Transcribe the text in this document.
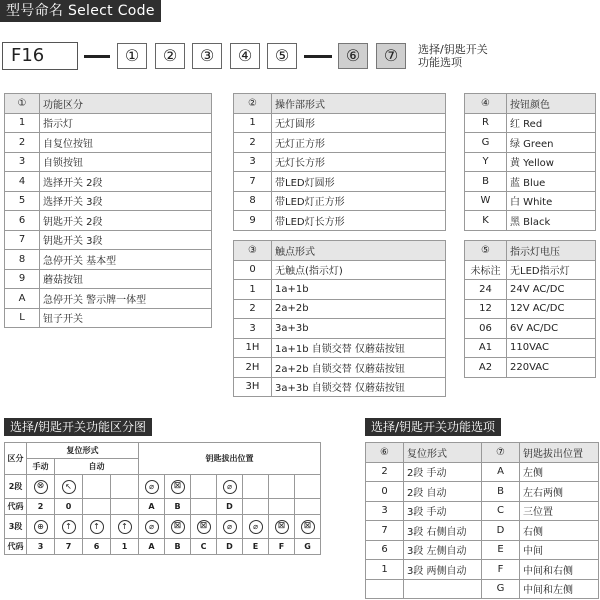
型号命名 Select Code
F16	①	②	③	④	⑤	⑥	⑦	选择/钥匙开关
功能选项
①	功能区分
1	指示灯
2	自复位按钮
3	自锁按钮
4	选择开关 2段
5	选择开关 3段
6	钥匙开关 2段
7	钥匙开关 3段
8	急停开关 基本型
9	蘑菇按钮
A	急停开关 警示牌一体型
L	钮子开关
②	操作部形式
1	无灯圆形
2	无灯正方形
3	无灯长方形
7	带LED灯圆形
8	带LED灯正方形
9	带LED灯长方形
③	触点形式
0	无触点(指示灯)
1	1a+1b
2	2a+2b
3	3a+3b
1H	1a+1b 自锁交替 仅蘑菇按钮
2H	2a+2b 自锁交替 仅蘑菇按钮
3H	3a+3b 自锁交替 仅蘑菇按钮
④	按钮颜色
R	红 Red
G	绿 Green
Y	黄 Yellow
B	蓝 Blue
W	白 White
K	黑 Black
⑤	指示灯电压
未标注	无LED指示灯
24	24V AC/DC
12	12V AC/DC
06	6V AC/DC
A1	110VAC
A2	220VAC
选择/钥匙开关功能区分图	选择/钥匙开关功能选项
区分	复位形式				钥匙拔出位置						
	手动	自动									
2段	⊗	↖			⌀	⊠		⌀			
代码	2	0			A	B		D			
3段	⊕	↑	↑	↑	⌀	⊠	⊠	⌀	⌀	⊠	⊠
代码	3	7	6	1	A	B	C	D	E	F	G
⑥	复位形式	⑦	钥匙拔出位置
2	2段 手动	A	左侧
0	2段 自动	B	左右两侧
3	3段 手动	C	三位置
7	3段 右侧自动	D	右侧
6	3段 左侧自动	E	中间
1	3段 两侧自动	F	中间和右侧
		G	中间和左侧
